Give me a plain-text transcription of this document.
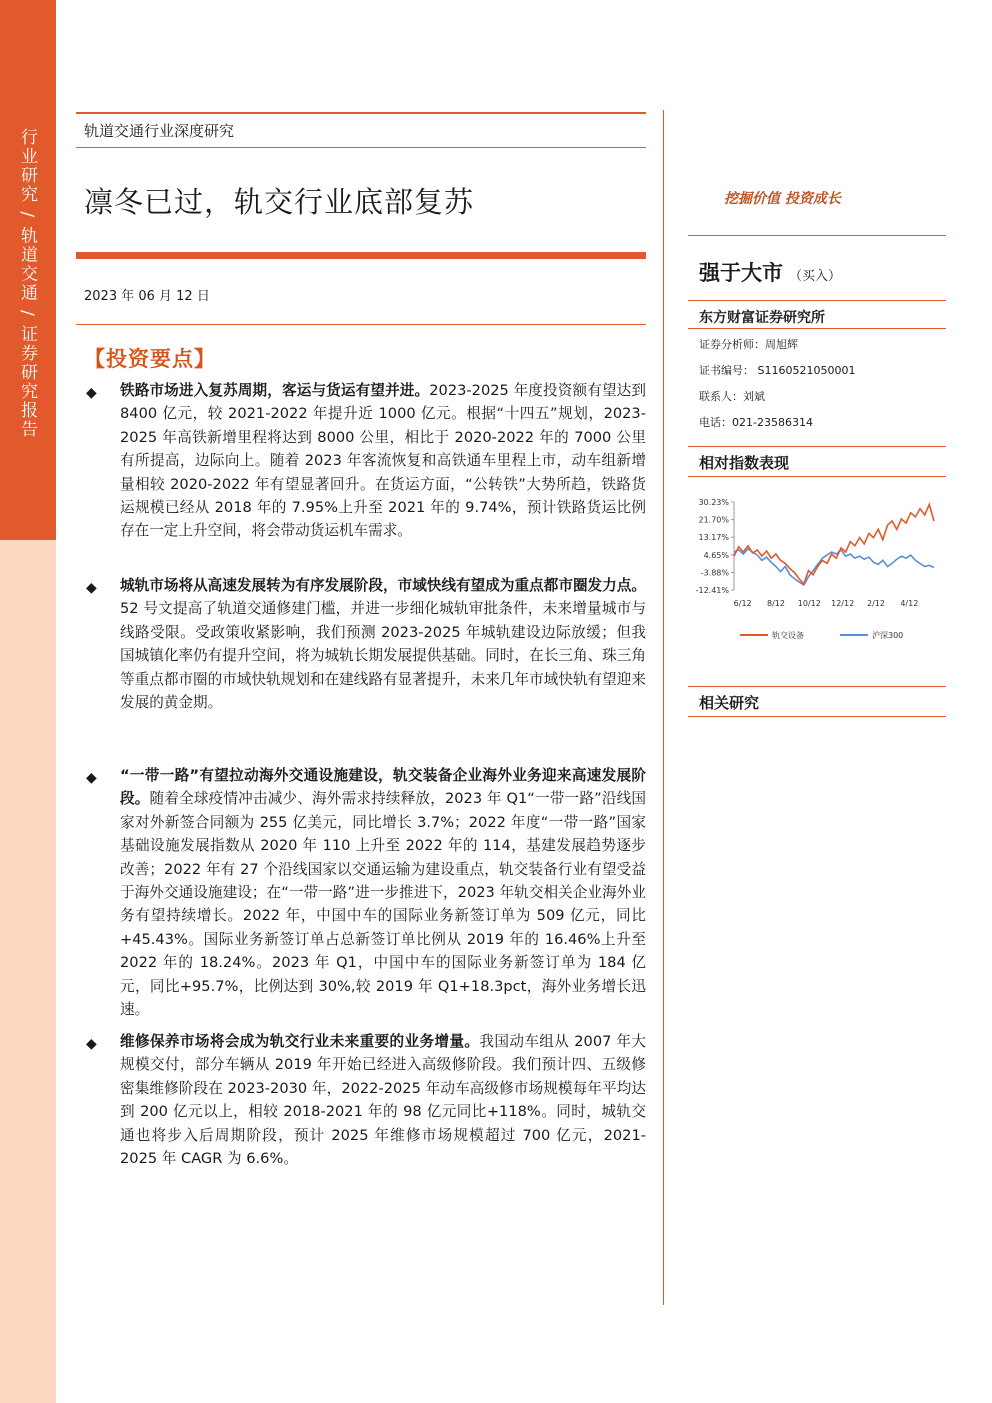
行业研究 / 轨道交通 / 证券研究报告	轨道交通行业深度研究
凛冬已过，轨交行业底部复苏
2023 年 06 月 12 日
【投资要点】
◆ 铁路市场进入复苏周期，客运与货运有望并进。2023-2025 年度投资额有望达到 8400 亿元，较 2021-2022 年提升近 1000 亿元。根据“十四五”规划，2023-2025 年高铁新增里程将达到 8000 公里，相比于 2020-2022 年的 7000 公里有所提高，边际向上。随着 2023 年客流恢复和高铁通车里程上市，动车组新增量相较 2020-2022 年有望显著回升。在货运方面，“公转铁”大势所趋，铁路货运规模已经从 2018 年的 7.95%上升至 2021 年的 9.74%，预计铁路货运比例存在一定上升空间，将会带动货运机车需求。
◆ 城轨市场将从高速发展转为有序发展阶段，市域快线有望成为重点都市圈发力点。52 号文提高了轨道交通修建门槛，并进一步细化城轨审批条件，未来增量城市与线路受限。受政策收紧影响，我们预测 2023-2025 年城轨建设边际放缓；但我国城镇化率仍有提升空间，将为城轨长期发展提供基础。同时，在长三角、珠三角等重点都市圈的市域快轨规划和在建线路有显著提升，未来几年市域快轨有望迎来发展的黄金期。
◆ “一带一路”有望拉动海外交通设施建设，轨交装备企业海外业务迎来高速发展阶段。随着全球疫情冲击减少、海外需求持续释放，2023 年 Q1“一带一路”沿线国家对外新签合同额为 255 亿美元，同比增长 3.7%；2022 年度“一带一路”国家基础设施发展指数从 2020 年 110 上升至 2022 年的 114，基建发展趋势逐步改善；2022 年有 27 个沿线国家以交通运输为建设重点，轨交装备行业有望受益于海外交通设施建设；在“一带一路”进一步推进下，2023 年轨交相关企业海外业务有望持续增长。2022 年，中国中车的国际业务新签订单为 509 亿元，同比+45.43%。国际业务新签订单占总新签订单比例从 2019 年的 16.46%上升至 2022 年的 18.24%。2023 年 Q1，中国中车的国际业务新签订单为 184 亿元，同比+95.7%，比例达到 30%,较 2019 年 Q1+18.3pct，海外业务增长迅速。
◆ 维修保养市场将会成为轨交行业未来重要的业务增量。我国动车组从 2007 年大规模交付，部分车辆从 2019 年开始已经进入高级修阶段。我们预计四、五级修密集维修阶段在 2023-2030 年，2022-2025 年动车高级修市场规模每年平均达到 200 亿元以上，相较 2018-2021 年的 98 亿元同比+118%。同时，城轨交通也将步入后周期阶段，预计 2025 年维修市场规模超过 700 亿元，2021-2025 年 CAGR 为 6.6%。
挖掘价值 投资成长
强于大市 （买入）
东方财富证券研究所
证券分析师：周旭辉
证书编号： S1160521050001
联系人：刘斌
电话：021-23586314
相对指数表现
30.23%
21.70%
13.17%
4.65%
-3.88%
-12.41%
6/12 8/12 10/12 12/12 2/12 4/12
轨交设备	沪深300
相关研究
